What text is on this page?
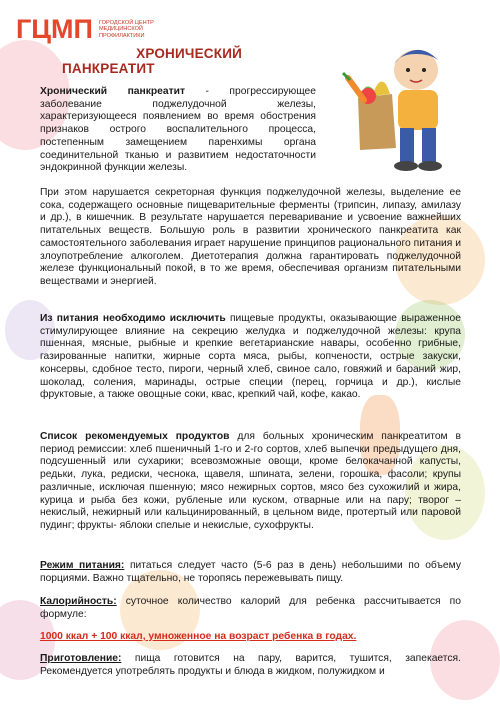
ГЦМП ГОРОДСКОЙ ЦЕНТР МЕДИЦИНСКОЙ ПРОФИЛАКТИКИ
ХРОНИЧЕСКИЙ
ПАНКРЕАТИТ
Хронический панкреатит - прогрессирующее заболевание поджелудочной железы, характеризующееся появлением во время обострения признаков острого воспалительного процесса, постепенным замещением паренхимы органа соединительной тканью и развитием недостаточности эндокринной функции железы.
При этом нарушается секреторная функция поджелудочной железы, выделение ее сока, содержащего основные пищеварительные ферменты (трипсин, липазу, амилазу и др.), в кишечник. В результате нарушается переваривание и усвоение важнейших питательных веществ. Большую роль в развитии хронического панкреатита как самостоятельного заболевания играет нарушение принципов рационального питания и злоупотребление алкоголем. Диетотерапия должна гарантировать поджелудочной железе функциональный покой, в то же время, обеспечивая организм питательными веществами и энергией.
Из питания необходимо исключить пищевые продукты, оказывающие выраженное стимулирующее влияние на секрецию желудка и поджелудочной железы: крупа пшенная, мясные, рыбные и крепкие вегетарианские навары, особенно грибные, газированные напитки, жирные сорта мяса, рыбы, копчености, острые закуски, консервы, сдобное тесто, пироги, черный хлеб, свиное сало, говяжий и бараний жир, шоколад, соления, маринады, острые специи (перец, горчица и др.), кислые фруктовые, а также овощные соки, квас, крепкий чай, кофе, какао.
Список рекомендуемых продуктов для больных хроническим панкреатитом в период ремиссии: хлеб пшеничный 1-го и 2-го сортов, хлеб выпечки предыдущего дня, подсушенный или сухарики; всевозможные овощи, кроме белокачанной капусты, редьки, лука, редиски, чеснока, щавеля, шпината, зелени, горошка, фасоли; крупы различные, исключая пшенную; мясо нежирных сортов, мясо без сухожилий и жира, курица и рыба без кожи, рубленые или куском, отварные или на пару; творог – некислый, нежирный или кальцинированный, в цельном виде, протертый или паровой пудинг; фрукты- яблоки спелые и некислые, сухофрукты.
Режим питания: питаться следует часто (5-6 раз в день) небольшими по объему порциями. Важно тщательно, не торопясь пережевывать пищу.
Калорийность: суточное количество калорий для ребенка рассчитывается по формуле:
1000 ккал + 100 ккал, умноженное на возраст ребенка в годах.
Приготовление: пища готовится на пару, варится, тушится, запекается. Рекомендуется употреблять продукты и блюда в жидком, полужидком и
